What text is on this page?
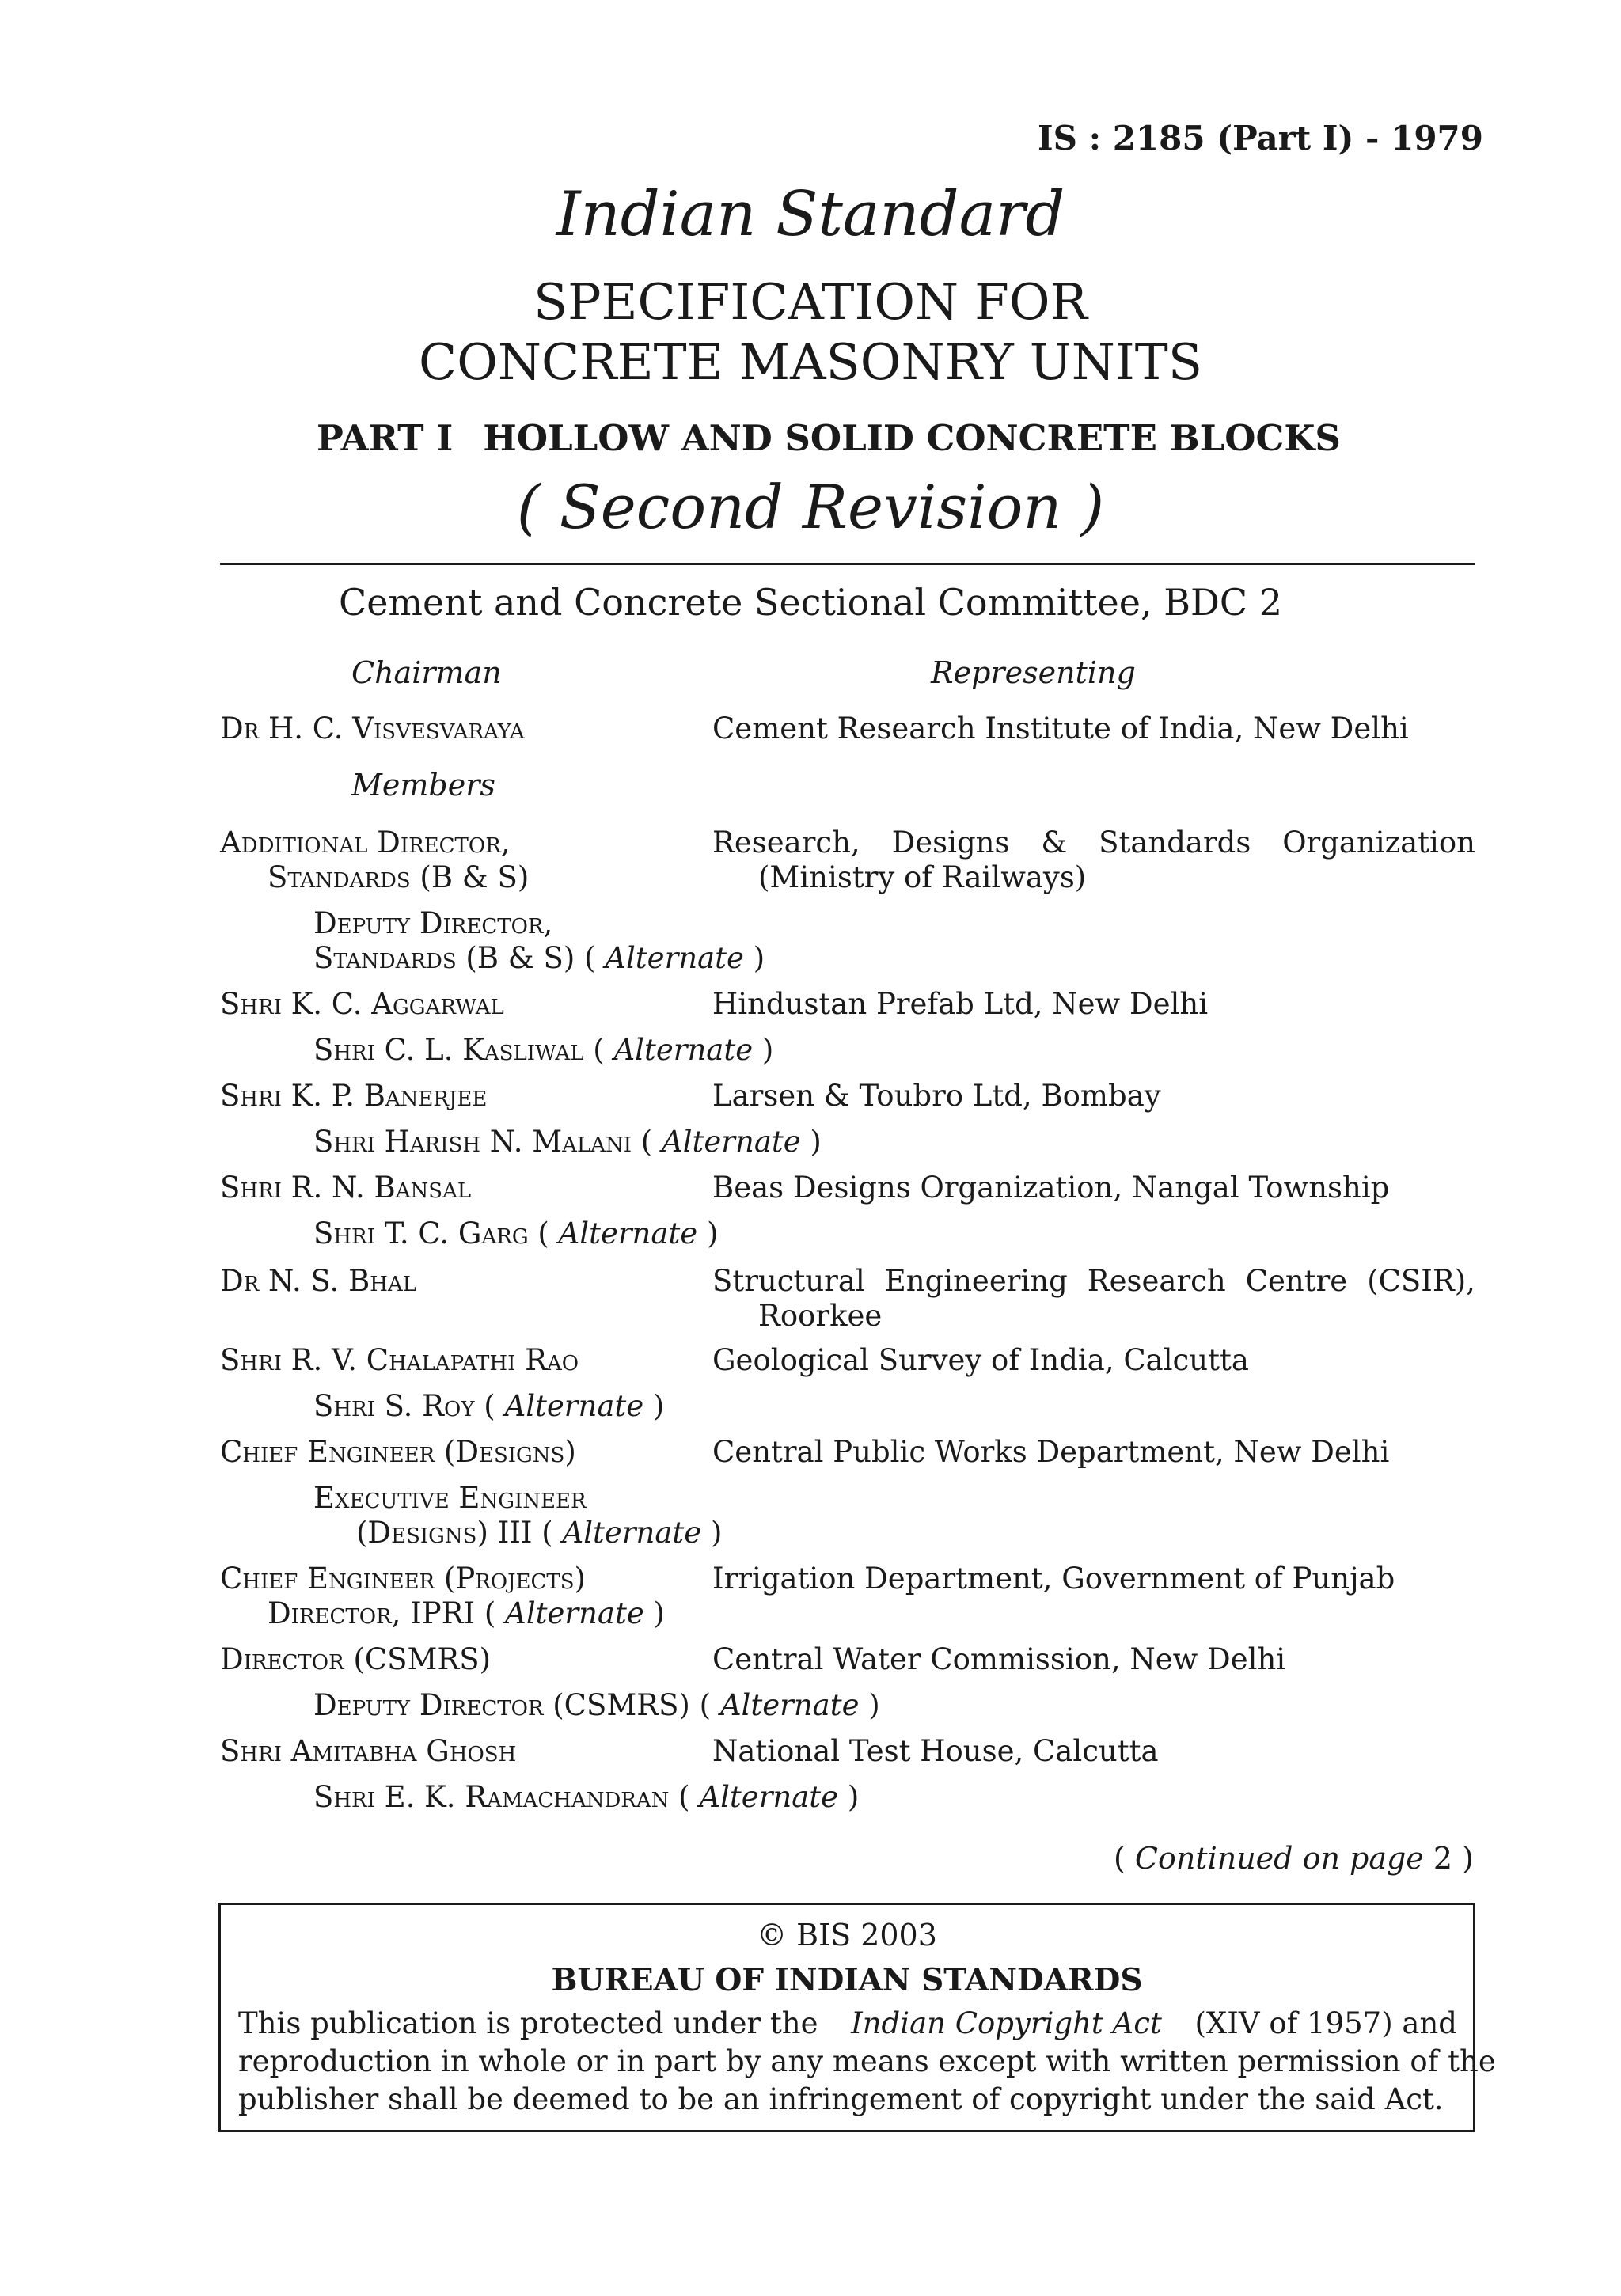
IS : 2185 (Part I) - 1979
Indian Standard
SPECIFICATION FOR
CONCRETE MASONRY UNITS
PART I HOLLOW AND SOLID CONCRETE BLOCKS
( Second Revision )
Cement and Concrete Sectional Committee, BDC 2
Chairman	Representing
Dr H. C. Visvesvaraya	Cement Research Institute of India, New Delhi
Members
Additional Director,	Research, Designs & Standards Organization
Standards (B & S)	(Ministry of Railways)
Deputy Director,
Standards (B & S) ( Alternate )
Shri K. C. Aggarwal	Hindustan Prefab Ltd, New Delhi
Shri C. L. Kasliwal ( Alternate )
Shri K. P. Banerjee	Larsen & Toubro Ltd, Bombay
Shri Harish N. Malani ( Alternate )
Shri R. N. Bansal	Beas Designs Organization, Nangal Township
Shri T. C. Garg ( Alternate )
Dr N. S. Bhal	Structural Engineering Research Centre (CSIR),
Roorkee
Shri R. V. Chalapathi Rao	Geological Survey of India, Calcutta
Shri S. Roy ( Alternate )
Chief Engineer (Designs)	Central Public Works Department, New Delhi
Executive Engineer
(Designs) III ( Alternate )
Chief Engineer (Projects)	Irrigation Department, Government of Punjab
Director, IPRI ( Alternate )
Director (CSMRS)	Central Water Commission, New Delhi
Deputy Director (CSMRS) ( Alternate )
Shri Amitabha Ghosh	National Test House, Calcutta
Shri E. K. Ramachandran ( Alternate )
( Continued on page 2 )
© BIS 2003
BUREAU OF INDIAN STANDARDS
This publication is protected under the Indian Copyright Act (XIV of 1957) and
reproduction in whole or in part by any means except with written permission of the
publisher shall be deemed to be an infringement of copyright under the said Act.
